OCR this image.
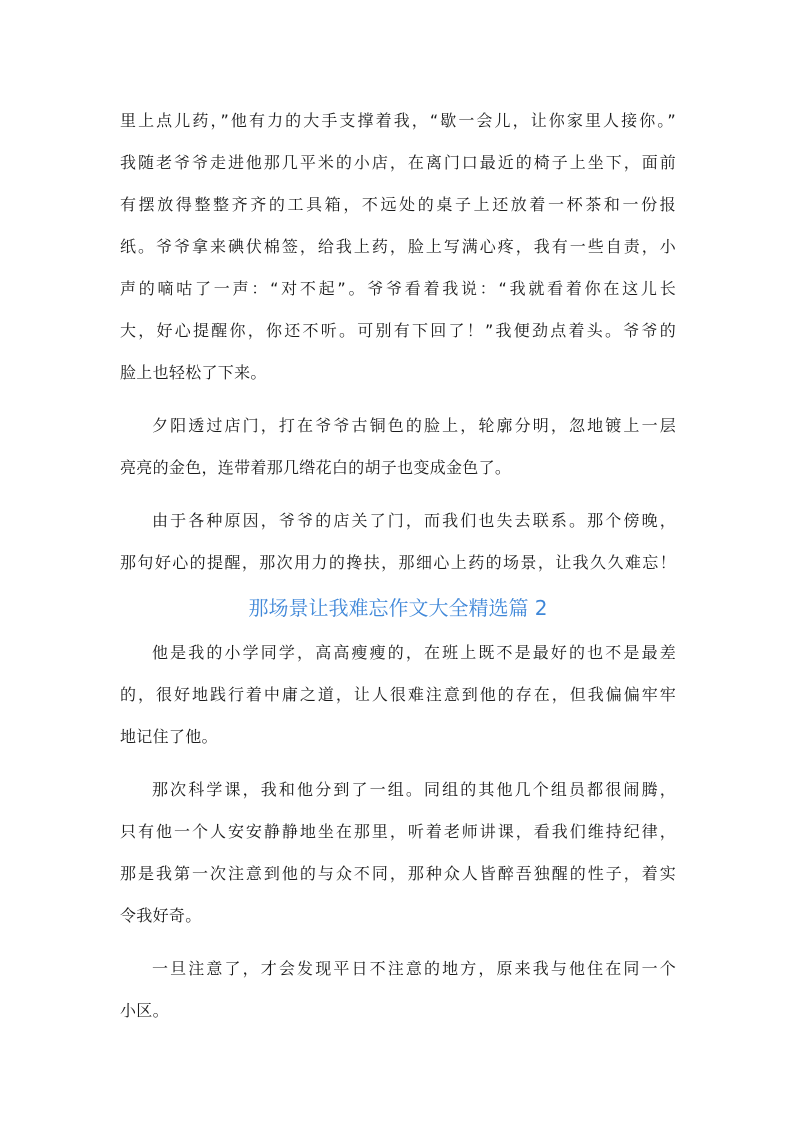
里上点儿药，”他有力的大手支撑着我，“歇一会儿，让你家里人接你。”
我随老爷爷走进他那几平米的小店，在离门口最近的椅子上坐下，面前
有摆放得整整齐齐的工具箱，不远处的桌子上还放着一杯茶和一份报
纸。爷爷拿来碘伏棉签，给我上药，脸上写满心疼，我有一些自责，小
声的嘀咕了一声：“对不起”。爷爷看着我说：“我就看着你在这儿长
大，好心提醒你，你还不听。可别有下回了！”我便劲点着头。爷爷的
脸上也轻松了下来。
夕阳透过店门，打在爷爷古铜色的脸上，轮廓分明，忽地镀上一层
亮亮的金色，连带着那几绺花白的胡子也变成金色了。
由于各种原因，爷爷的店关了门，而我们也失去联系。那个傍晚，
那句好心的提醒，那次用力的搀扶，那细心上药的场景，让我久久难忘！
那场景让我难忘作文大全精选篇 2
他是我的小学同学，高高瘦瘦的，在班上既不是最好的也不是最差
的，很好地践行着中庸之道，让人很难注意到他的存在，但我偏偏牢牢
地记住了他。
那次科学课，我和他分到了一组。同组的其他几个组员都很闹腾，
只有他一个人安安静静地坐在那里，听着老师讲课，看我们维持纪律，
那是我第一次注意到他的与众不同，那种众人皆醉吾独醒的性子，着实
令我好奇。
一旦注意了，才会发现平日不注意的地方，原来我与他住在同一个
小区。
